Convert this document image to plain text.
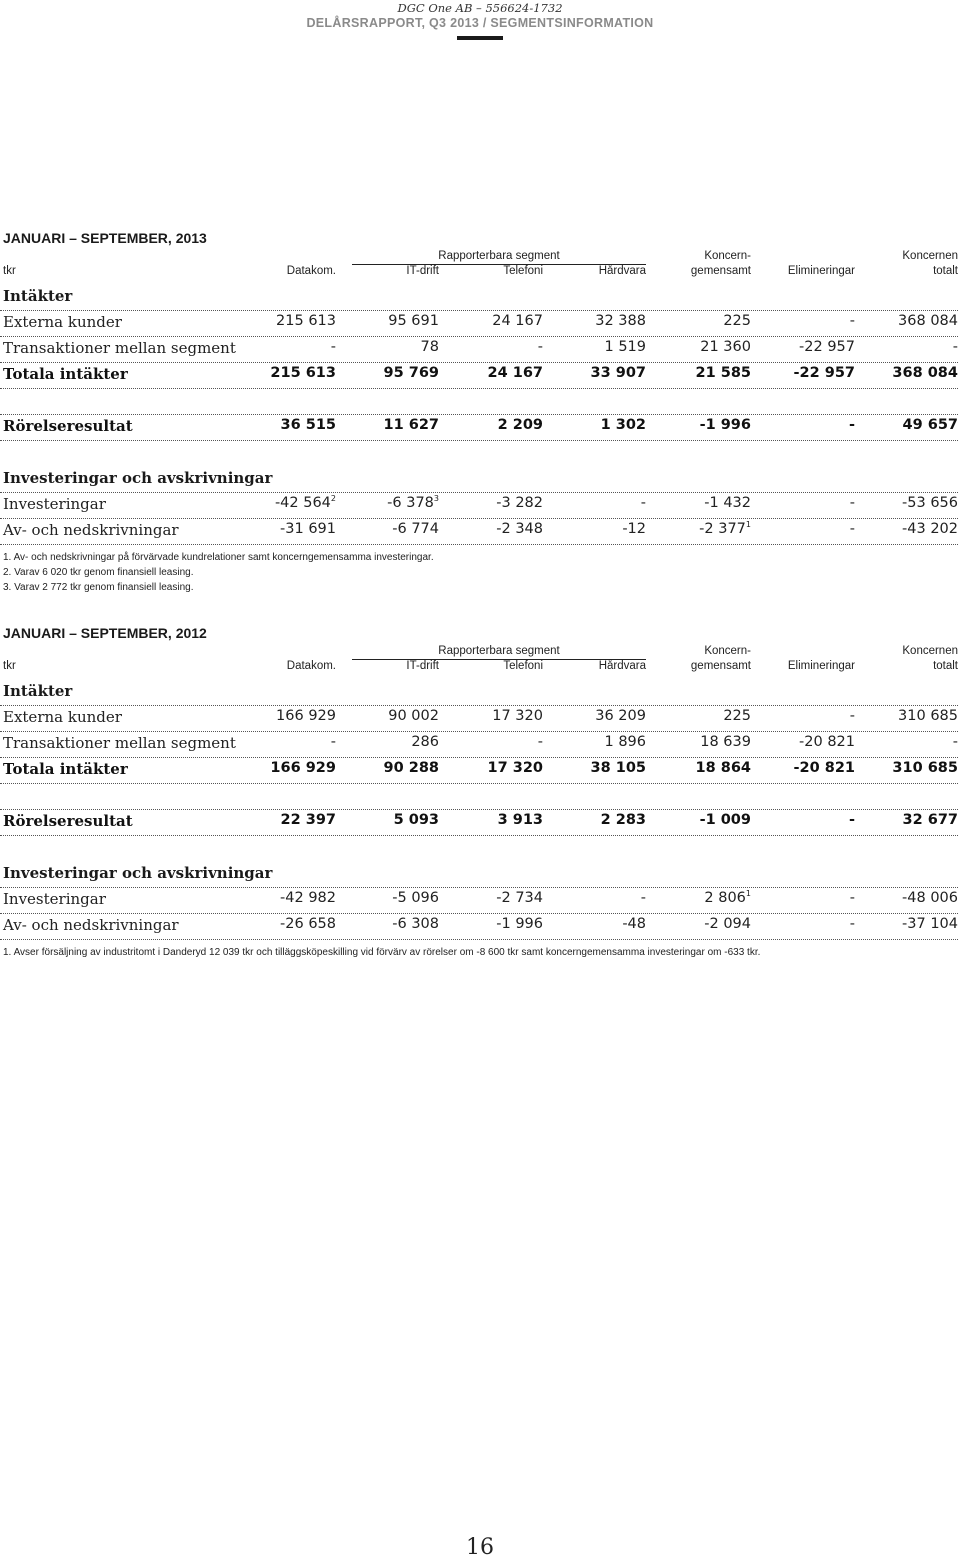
DGC One AB – 556624-1732
DELÅRSRAPPORT, Q3 2013 / SEGMENTSINFORMATION
JANUARI – SEPTEMBER, 2013
Rapporterbara segment	Koncern-	Koncernen
tkr	Datakom.	IT-drift	Telefoni	Hårdvara	gemensamt	Elimineringar	totalt
Intäkter
Externa kunder	215 613	95 691	24 167	32 388	225	-	368 084
Transaktioner mellan segment	-	78	-	1 519	21 360	-22 957	-
Totala intäkter	215 613	95 769	24 167	33 907	21 585	-22 957	368 084
Rörelseresultat	36 515	11 627	2 209	1 302	-1 996	-	49 657
Investeringar och avskrivningar
Investeringar	-42 $564^2$	-6 $378^3$	-3 282	-	-1 432	-	-53 656
Av- och nedskrivningar	-31 691	-6 774	-2 348	-12	-2 $377^1$	-	-43 202
1. Av- och nedskrivningar på förvärvade kundrelationer samt koncerngemensamma investeringar.
2. Varav 6 020 tkr genom finansiell leasing.
3. Varav 2 772 tkr genom finansiell leasing.
JANUARI – SEPTEMBER, 2012
Rapporterbara segment	Koncern-	Koncernen
tkr	Datakom.	IT-drift	Telefoni	Hårdvara	gemensamt	Elimineringar	totalt
Intäkter
Externa kunder	166 929	90 002	17 320	36 209	225	-	310 685
Transaktioner mellan segment	-	286	-	1 896	18 639	-20 821	-
Totala intäkter	166 929	90 288	17 320	38 105	18 864	-20 821	310 685
Rörelseresultat	22 397	5 093	3 913	2 283	-1 009	-	32 677
Investeringar och avskrivningar
Investeringar	-42 982	-5 096	-2 734	-	2 $806^1$	-	-48 006
Av- och nedskrivningar	-26 658	-6 308	-1 996	-48	-2 094	-	-37 104
1. Avser försäljning av industritomt i Danderyd 12 039 tkr och tilläggsköpeskilling vid förvärv av rörelser om -8 600 tkr samt koncerngemensamma investeringar om -633 tkr.
16
